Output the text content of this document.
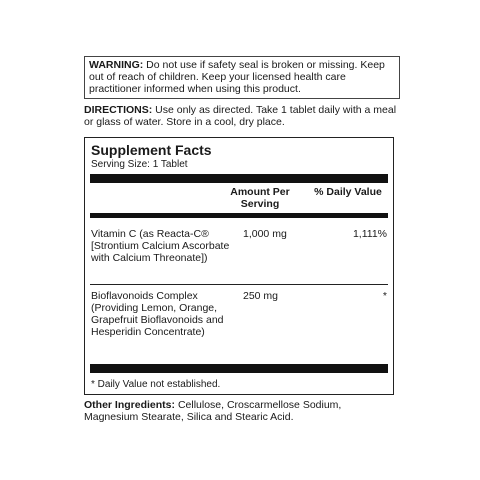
WARNING: Do not use if safety seal is broken or missing. Keep out of reach of children. Keep your licensed health care practitioner informed when using this product.
DIRECTIONS: Use only as directed. Take 1 tablet daily with a meal or glass of water. Store in a cool, dry place.
Supplement Facts
Serving Size: 1 Tablet
Amount Per Serving
% Daily Value
Vitamin C (as Reacta-C® [Strontium Calcium Ascorbate with Calcium Threonate])
1,000 mg	1,111%
Bioflavonoids Complex (Providing Lemon, Orange, Grapefruit Bioflavonoids and Hesperidin Concentrate)
250 mg	*
* Daily Value not established.
Other Ingredients: Cellulose, Croscarmellose Sodium, Magnesium Stearate, Silica and Stearic Acid.
